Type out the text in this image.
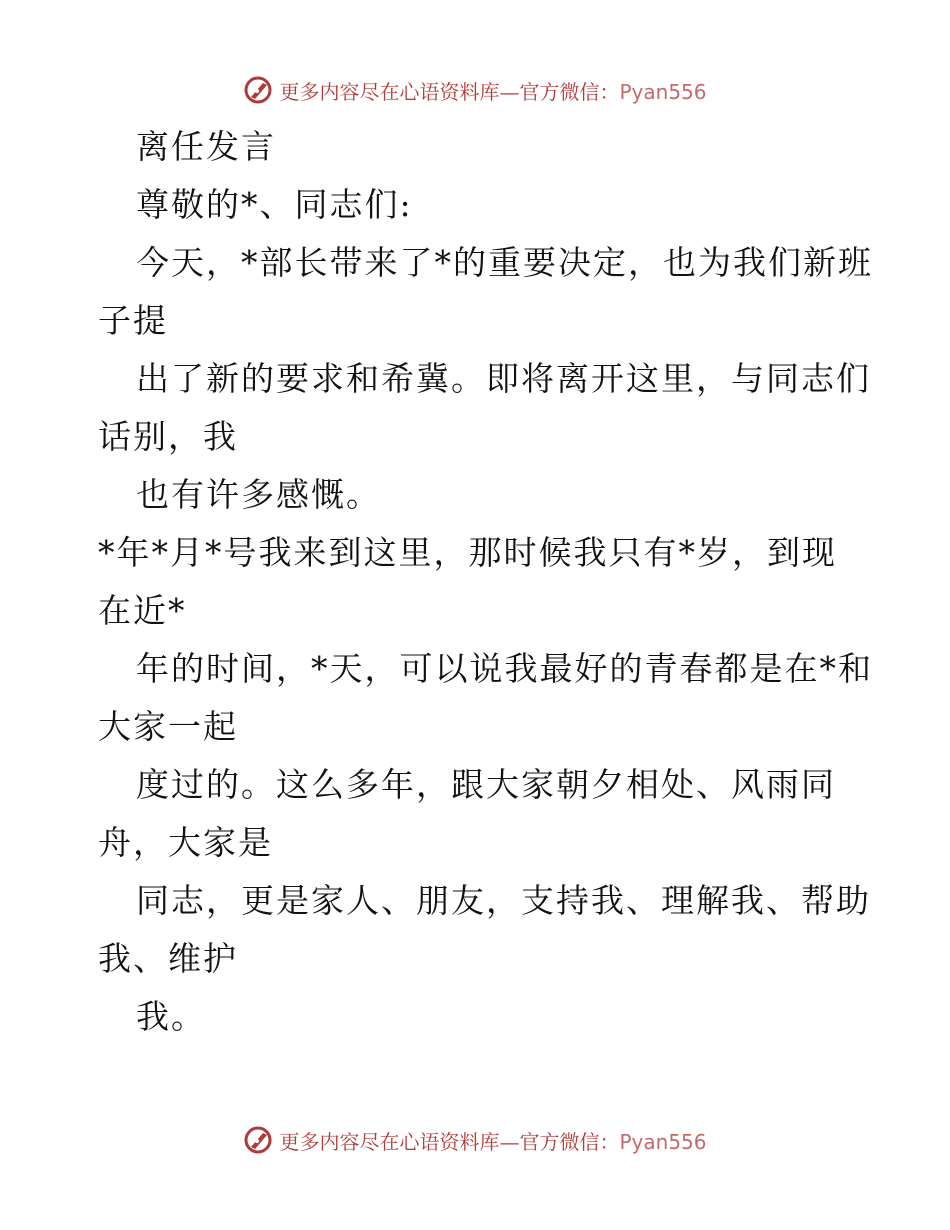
更多内容尽在心语资料库—官方微信：Pyan556
离任发言
尊敬的*、同志们:
今天，*部长带来了*的重要决定，也为我们新班
子提
出了新的要求和希冀。即将离开这里，与同志们
话别，我
也有许多感慨。
*年*月*号我来到这里，那时候我只有*岁，到现
在近*
年的时间，*天，可以说我最好的青春都是在*和
大家一起
度过的。这么多年，跟大家朝夕相处、风雨同
舟，大家是
同志，更是家人、朋友，支持我、理解我、帮助
我、维护
我。
更多内容尽在心语资料库—官方微信：Pyan556
